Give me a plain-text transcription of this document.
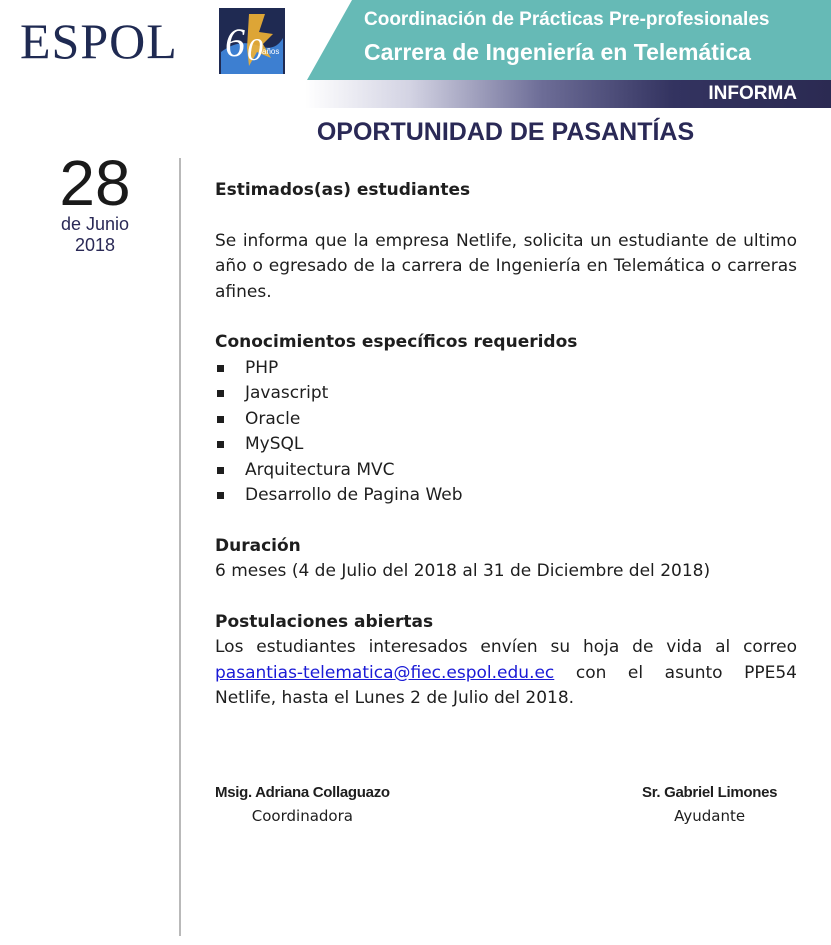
ESPOL 6 0 años
Coordinación de Prácticas Pre-profesionales
Carrera de Ingeniería en Telemática
INFORMA
OPORTUNIDAD DE PASANTÍAS
28
de Junio
2018

Estimados(as) estudiantes

Se informa que la empresa Netlife, solicita un estudiante de ultimo año o egresado de la carrera de Ingeniería en Telemática o carreras afines.

Conocimientos específicos requeridos

PHP
Javascript
Oracle
MySQL
Arquitectura MVC
Desarrollo de Pagina Web

Duración

6 meses (4 de Julio del 2018 al 31 de Diciembre del 2018)

Postulaciones abiertas

Los estudiantes interesados envíen su hoja de vida al correo pasantias-telematica@fiec.espol.edu.ec con el asunto PPE54 Netlife, hasta el Lunes 2 de Julio del 2018.

Msig. Adriana Collaguazo
Coordinadora
Sr. Gabriel Limones
Ayudante
